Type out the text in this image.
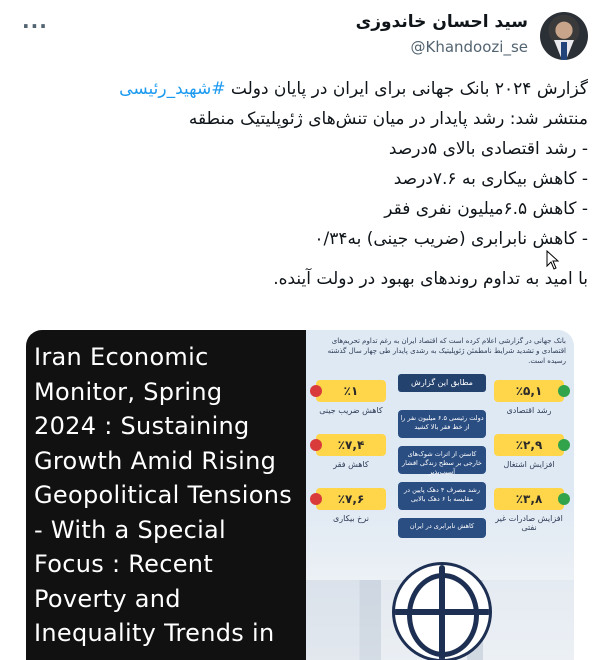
···	سید احسان خاندوزی
@Khandoozi_se
گزارش ۲۰۲۴ بانک جهانی برای ایران در پایان دولت #شهید_رئیسی
منتشر شد: رشد پایدار در میان تنش‌های ژئوپلیتیک منطقه
- رشد اقتصادی بالای ۵درصد
- کاهش بیکاری به ۷.۶درصد
- کاهش ۶.۵میلیون نفری فقر
- کاهش نابرابری (ضریب جینی) به۰/۳۴
با امید به تداوم روندهای بهبود در دولت آینده.
Iran Economic
Monitor, Spring
2024 : Sustaining
Growth Amid Rising
Geopolitical Tensions
- With a Special
Focus : Recent
Poverty and
Inequality Trends in
بانک جهانی در گزارشی اعلام کرده است که اقتصاد ایران به رغم تداوم تحریم‌های اقتصادی و تشدید شرایط نامطمئن ژئوپلیتیک به رشدی پایدار طی چهار سال گذشته رسیده است.
مطابق این گزارش
٪۱
کاهش ضریب جینی
٪۷,۴
کاهش فقر
٪۷,۶
نرخ بیکاری
٪۵,۱
رشد اقتصادی
٪۲,۹
افزایش اشتغال
٪۳,۸
افزایش صادرات غیر نفتی
دولت رئیسی ۶.۵ میلیون نفر را از خط فقر بالا کشید
کاستن از اثرات شوک‌های خارجی بر سطح زندگی اقشار آسیب‌پذیر
رشد مصرف ۴ دهک پایین در مقایسه با ۶ دهک بالایی
کاهش نابرابری در ایران
